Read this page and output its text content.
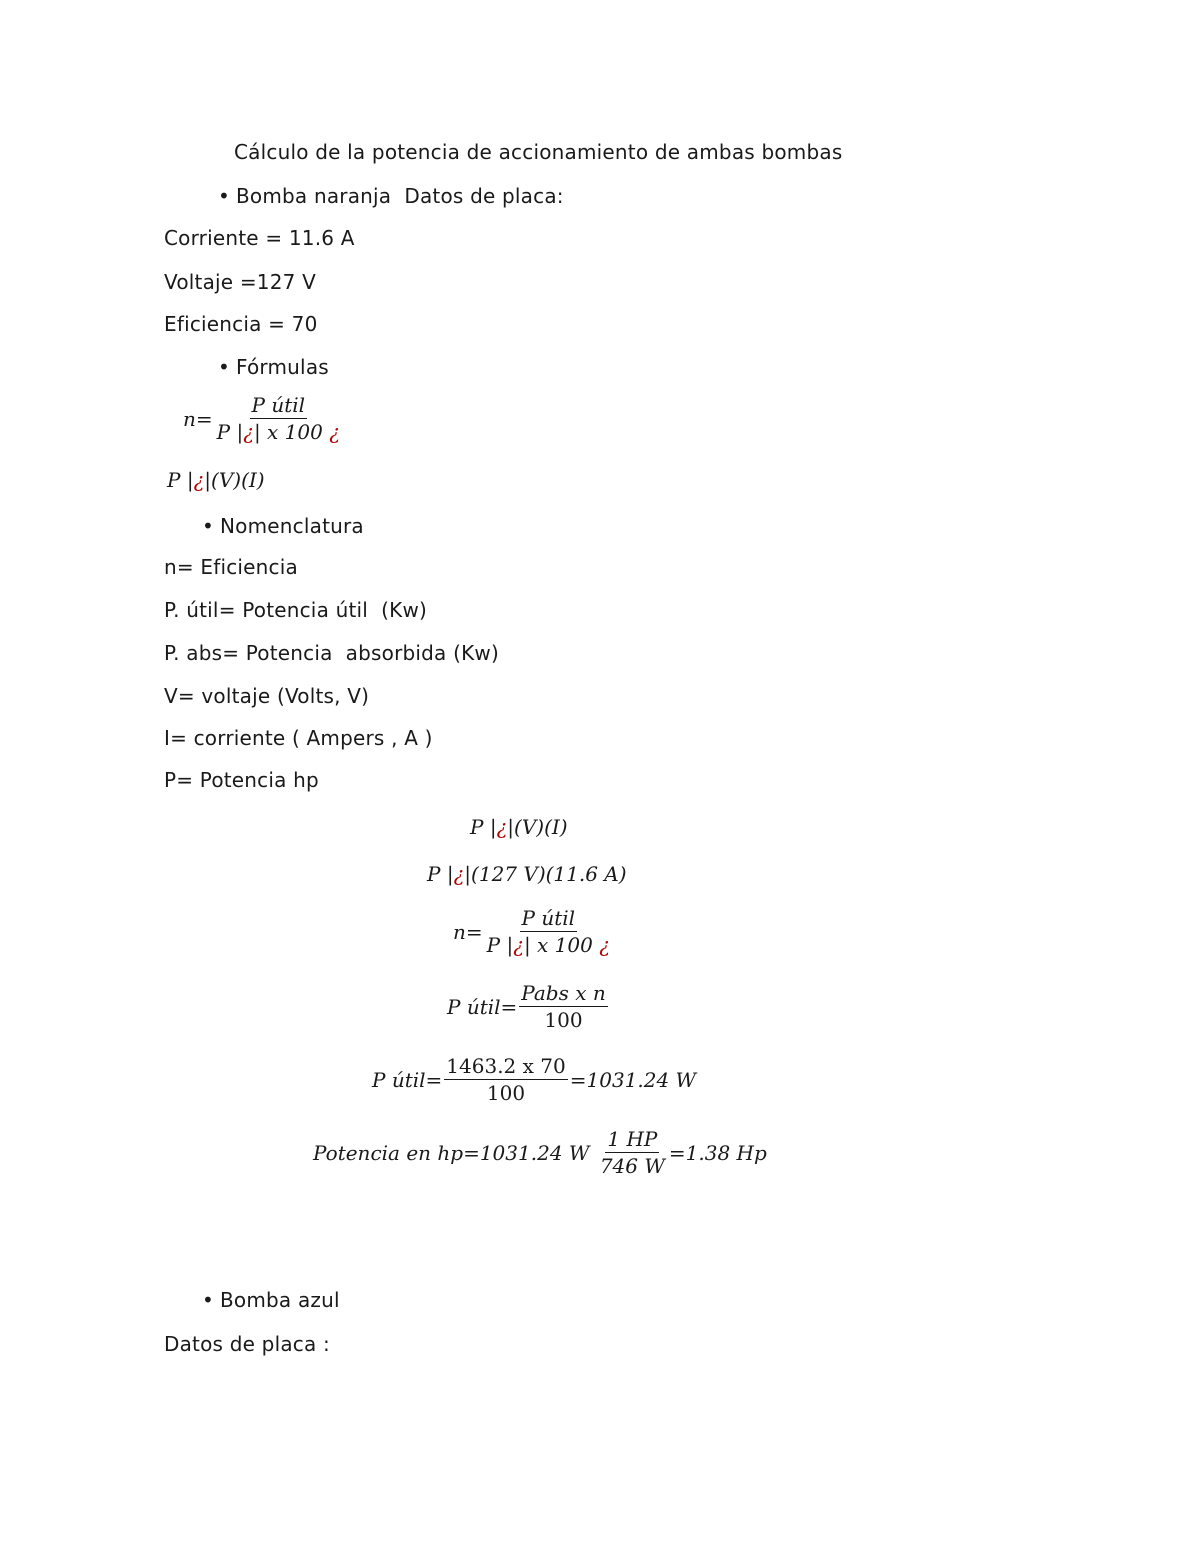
Cálculo de la potencia de accionamiento de ambas bombas
• Bomba naranja  Datos de placa:
Corriente = 11.6 A
Voltaje =127 V
Eficiencia = 70
• Fórmulas
$n= \frac{\text{P útil}}{P |¿| x 100 ¿}$
P | ¿ |(V)(I)
• Nomenclatura
n= Eficiencia
P. útil= Potencia útil  (Kw)
P. abs= Potencia  absorbida (Kw)
V= voltaje (Volts, V)
I= corriente ( Ampers , A )
P= Potencia hp
P | ¿ |(V)(I)
P | ¿ |(127 V)(11.6 A)
$n= \frac{\text{P útil}}{P |¿| x 100 ¿}$
P útil= $\frac{\text{Pabs x n}}{100}$
P útil= $\frac{1463.2 x 70}{100} =1031.24$ W
Potencia en hp=1031.24 W $\frac{1 HP}{746 W} =1.38$ Hp
• Bomba azul
Datos de placa :
